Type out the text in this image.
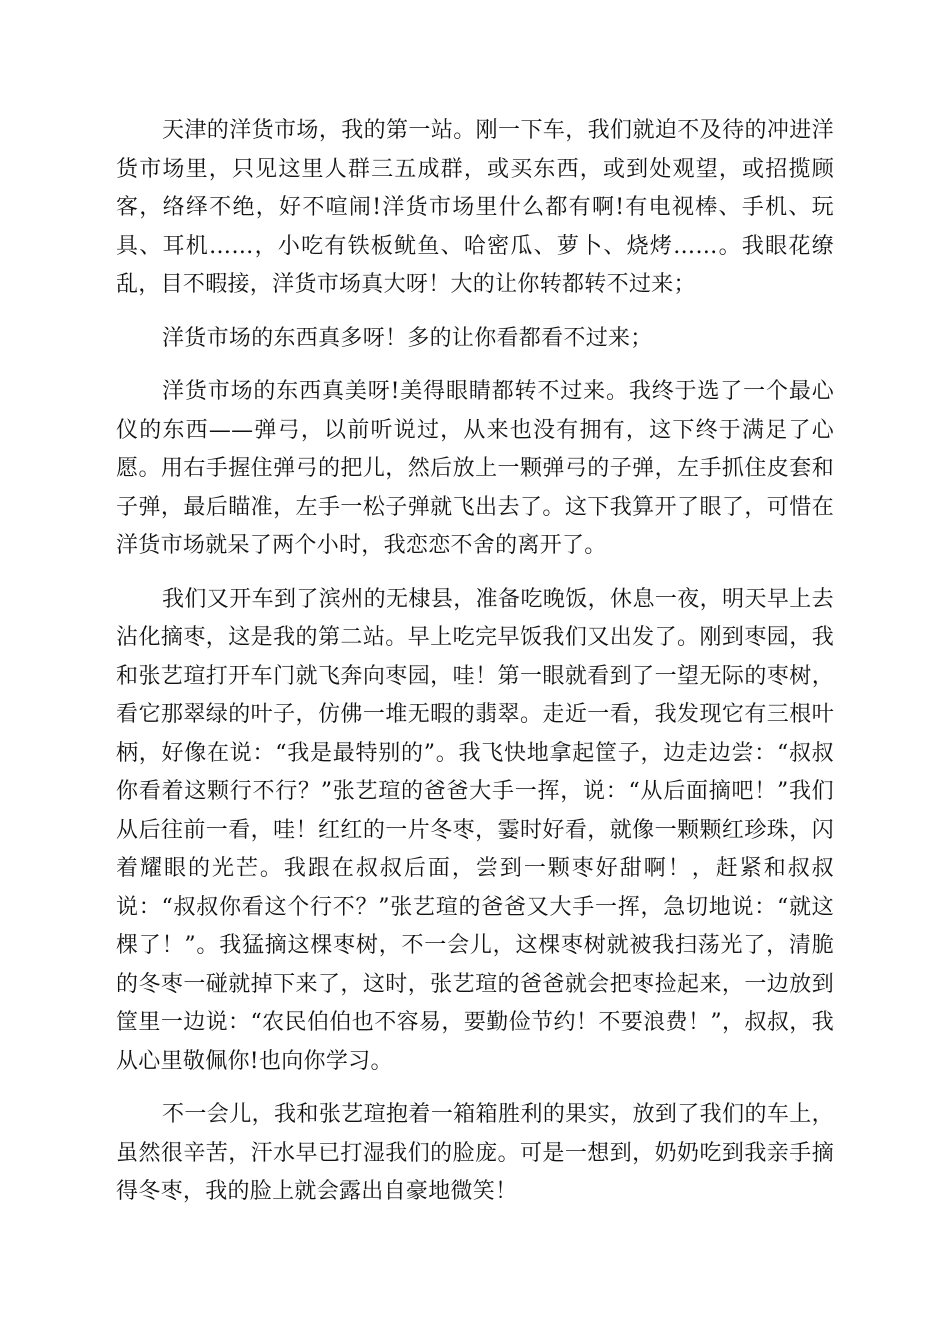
天津的洋货市场，我的第一站。刚一下车，我们就迫不及待的冲进洋货市场里，只见这里人群三五成群，或买东西，或到处观望，或招揽顾客，络绎不绝，好不喧闹!洋货市场里什么都有啊!有电视棒、手机、玩具、耳机……，小吃有铁板鱿鱼、哈密瓜、萝卜、烧烤……。我眼花缭乱，目不暇接，洋货市场真大呀！大的让你转都转不过来；

洋货市场的东西真多呀！多的让你看都看不过来；

洋货市场的东西真美呀!美得眼睛都转不过来。我终于选了一个最心仪的东西——弹弓，以前听说过，从来也没有拥有，这下终于满足了心愿。用右手握住弹弓的把儿，然后放上一颗弹弓的子弹，左手抓住皮套和子弹，最后瞄准，左手一松子弹就飞出去了。这下我算开了眼了，可惜在洋货市场就呆了两个小时，我恋恋不舍的离开了。

我们又开车到了滨州的无棣县，准备吃晚饭，休息一夜，明天早上去沾化摘枣，这是我的第二站。早上吃完早饭我们又出发了。刚到枣园，我和张艺瑄打开车门就飞奔向枣园，哇！第一眼就看到了一望无际的枣树，看它那翠绿的叶子，仿佛一堆无暇的翡翠。走近一看，我发现它有三根叶柄，好像在说：“我是最特别的”。我飞快地拿起筐子，边走边尝：“叔叔你看着这颗行不行？”张艺瑄的爸爸大手一挥，说：“从后面摘吧！”我们从后往前一看，哇！红红的一片冬枣，霎时好看，就像一颗颗红珍珠，闪着耀眼的光芒。我跟在叔叔后面，尝到一颗枣好甜啊！，赶紧和叔叔说：“叔叔你看这个行不？”张艺瑄的爸爸又大手一挥，急切地说：“就这棵了！”。我猛摘这棵枣树，不一会儿，这棵枣树就被我扫荡光了，清脆的冬枣一碰就掉下来了，这时，张艺瑄的爸爸就会把枣捡起来，一边放到筐里一边说：“农民伯伯也不容易，要勤俭节约！不要浪费！”，叔叔，我从心里敬佩你!也向你学习。

不一会儿，我和张艺瑄抱着一箱箱胜利的果实，放到了我们的车上，虽然很辛苦，汗水早已打湿我们的脸庞。可是一想到，奶奶吃到我亲手摘得冬枣，我的脸上就会露出自豪地微笑！
